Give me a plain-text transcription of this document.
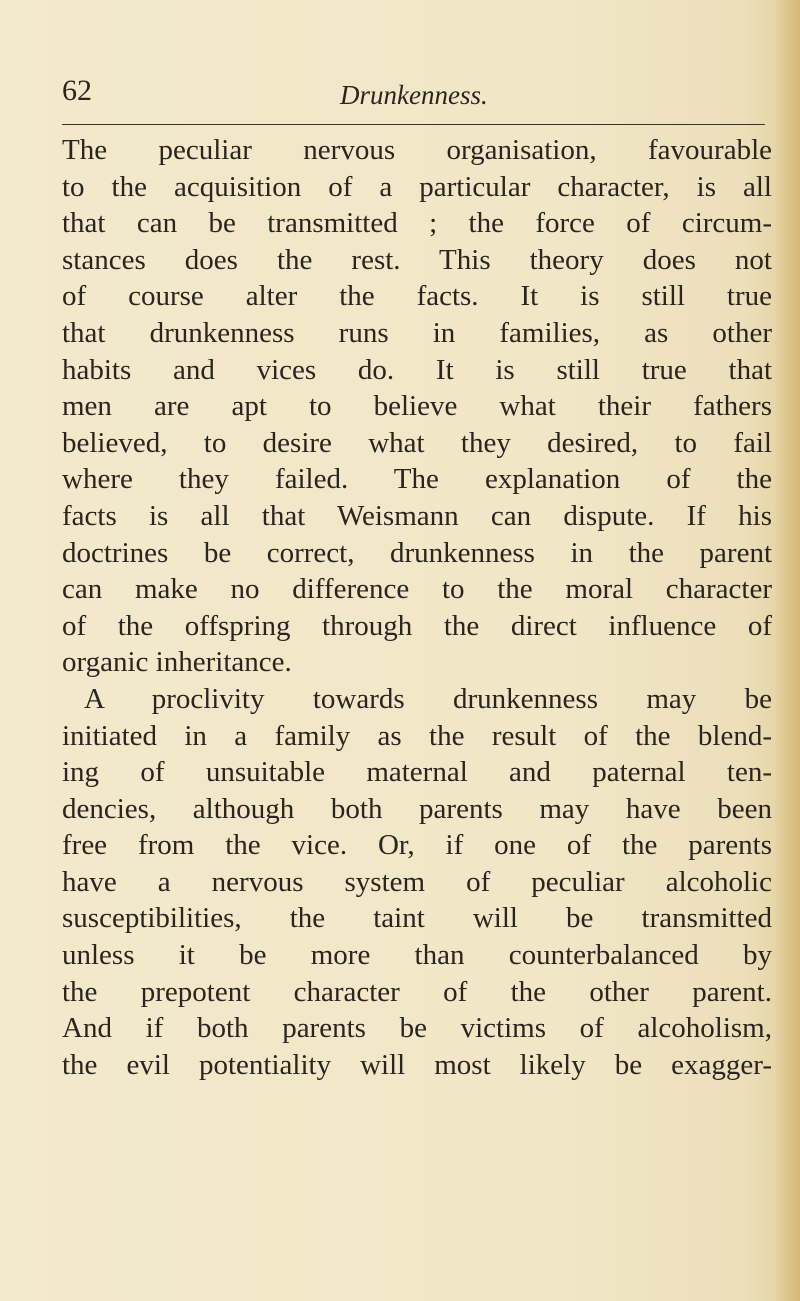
62	Drunkenness.
The peculiar nervous organisation, favourable
to the acquisition of a particular character, is all
that can be transmitted ; the force of circum-
stances does the rest. This theory does not
of course alter the facts. It is still true
that drunkenness runs in families, as other
habits and vices do. It is still true that
men are apt to believe what their fathers
believed, to desire what they desired, to fail
where they failed. The explanation of the
facts is all that Weismann can dispute. If his
doctrines be correct, drunkenness in the parent
can make no difference to the moral character
of the offspring through the direct influence of
organic inheritance.
A proclivity towards drunkenness may be
initiated in a family as the result of the blend-
ing of unsuitable maternal and paternal ten-
dencies, although both parents may have been
free from the vice. Or, if one of the parents
have a nervous system of peculiar alcoholic
susceptibilities, the taint will be transmitted
unless it be more than counterbalanced by
the prepotent character of the other parent.
And if both parents be victims of alcoholism,
the evil potentiality will most likely be exagger-
